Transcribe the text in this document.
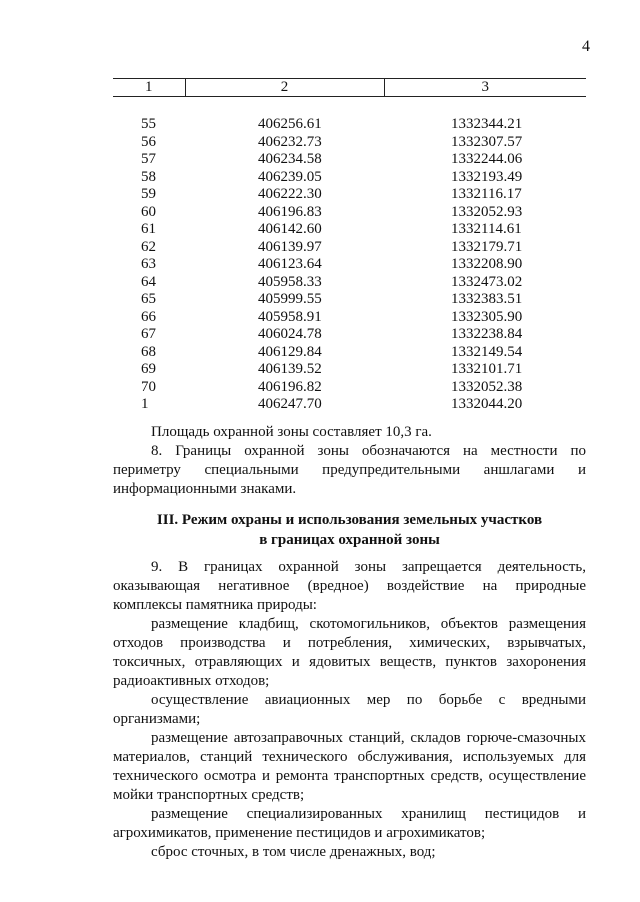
4
1	2	3

55	406256.61	1332344.21
56	406232.73	1332307.57
57	406234.58	1332244.06
58	406239.05	1332193.49
59	406222.30	1332116.17
60	406196.83	1332052.93
61	406142.60	1332114.61
62	406139.97	1332179.71
63	406123.64	1332208.90
64	405958.33	1332473.02
65	405999.55	1332383.51
66	405958.91	1332305.90
67	406024.78	1332238.84
68	406129.84	1332149.54
69	406139.52	1332101.71
70	406196.82	1332052.38
1	406247.70	1332044.20

Площадь охранной зоны составляет 10,3 га.

8. Границы охранной зоны обозначаются на местности по периметру специальными предупредительными аншлагами и информационными знаками.

III. Режим охраны и использования земельных участков

в границах охранной зоны

9. В границах охранной зоны запрещается деятельность, оказывающая негативное (вредное) воздействие на природные комплексы памятника природы:

размещение кладбищ, скотомогильников, объектов размещения отходов производства и потребления, химических, взрывчатых, токсичных, отравляющих и ядовитых веществ, пунктов захоронения радиоактивных отходов;

осуществление авиационных мер по борьбе с вредными организмами;

размещение автозаправочных станций, складов горюче-смазочных материалов, станций технического обслуживания, используемых для технического осмотра и ремонта транспортных средств, осуществление мойки транспортных средств;

размещение специализированных хранилищ пестицидов и агрохимикатов, применение пестицидов и агрохимикатов;

сброс сточных, в том числе дренажных, вод;
